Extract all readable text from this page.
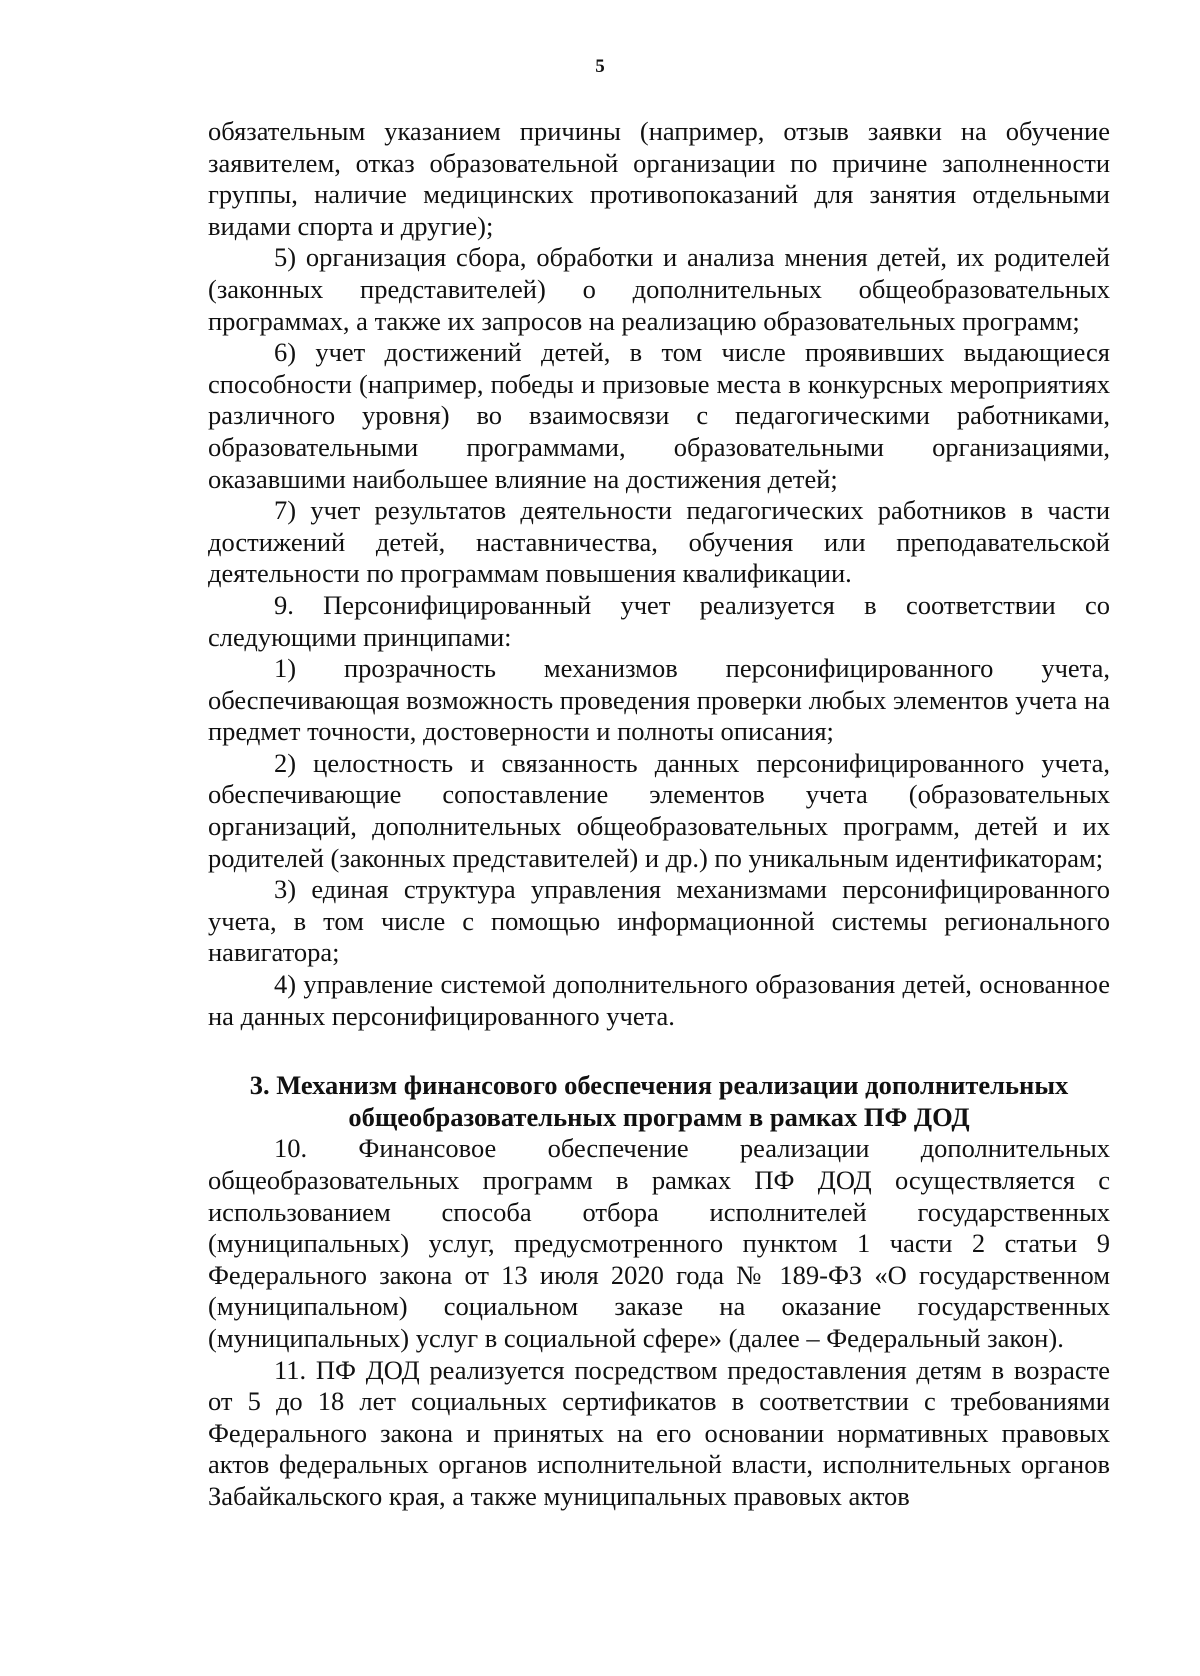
5

обязательным указанием причины (например, отзыв заявки на обучение заявителем, отказ образовательной организации по причине заполненности группы, наличие медицинских противопоказаний для занятия отдельными видами спорта и другие);

5) организация сбора, обработки и анализа мнения детей, их родителей (законных представителей) о дополнительных общеобразовательных программах, а также их запросов на реализацию образовательных программ;

6) учет достижений детей, в том числе проявивших выдающиеся способности (например, победы и призовые места в конкурсных мероприятиях различного уровня) во взаимосвязи с педагогическими работниками, образовательными программами, образовательными организациями, оказавшими наибольшее влияние на достижения детей;

7) учет результатов деятельности педагогических работников в части достижений детей, наставничества, обучения или преподавательской деятельности по программам повышения квалификации.

9. Персонифицированный учет реализуется в соответствии со следующими принципами:

1) прозрачность механизмов персонифицированного учета, обеспечивающая возможность проведения проверки любых элементов учета на предмет точности, достоверности и полноты описания;

2) целостность и связанность данных персонифицированного учета, обеспечивающие сопоставление элементов учета (образовательных организаций, дополнительных общеобразовательных программ, детей и их родителей (законных представителей) и др.) по уникальным идентификаторам;

3) единая структура управления механизмами персонифицированного учета, в том числе с помощью информационной системы регионального навигатора;

4) управление системой дополнительного образования детей, основанное на данных персонифицированного учета.

3. Механизм финансового обеспечения реализации дополнительных
общеобразовательных программ в рамках ПФ ДОД

10. Финансовое обеспечение реализации дополнительных общеобразовательных программ в рамках ПФ ДОД осуществляется с использованием способа отбора исполнителей государственных (муниципальных) услуг, предусмотренного пунктом 1 части 2 статьи 9 Федерального закона от 13 июля 2020 года № 189-ФЗ «О государственном (муниципальном) социальном заказе на оказание государственных (муниципальных) услуг в социальной сфере» (далее – Федеральный закон).

11. ПФ ДОД реализуется посредством предоставления детям в возрасте от 5 до 18 лет социальных сертификатов в соответствии с требованиями Федерального закона и принятых на его основании нормативных правовых актов федеральных органов исполнительной власти, исполнительных органов Забайкальского края, а также муниципальных правовых актов
